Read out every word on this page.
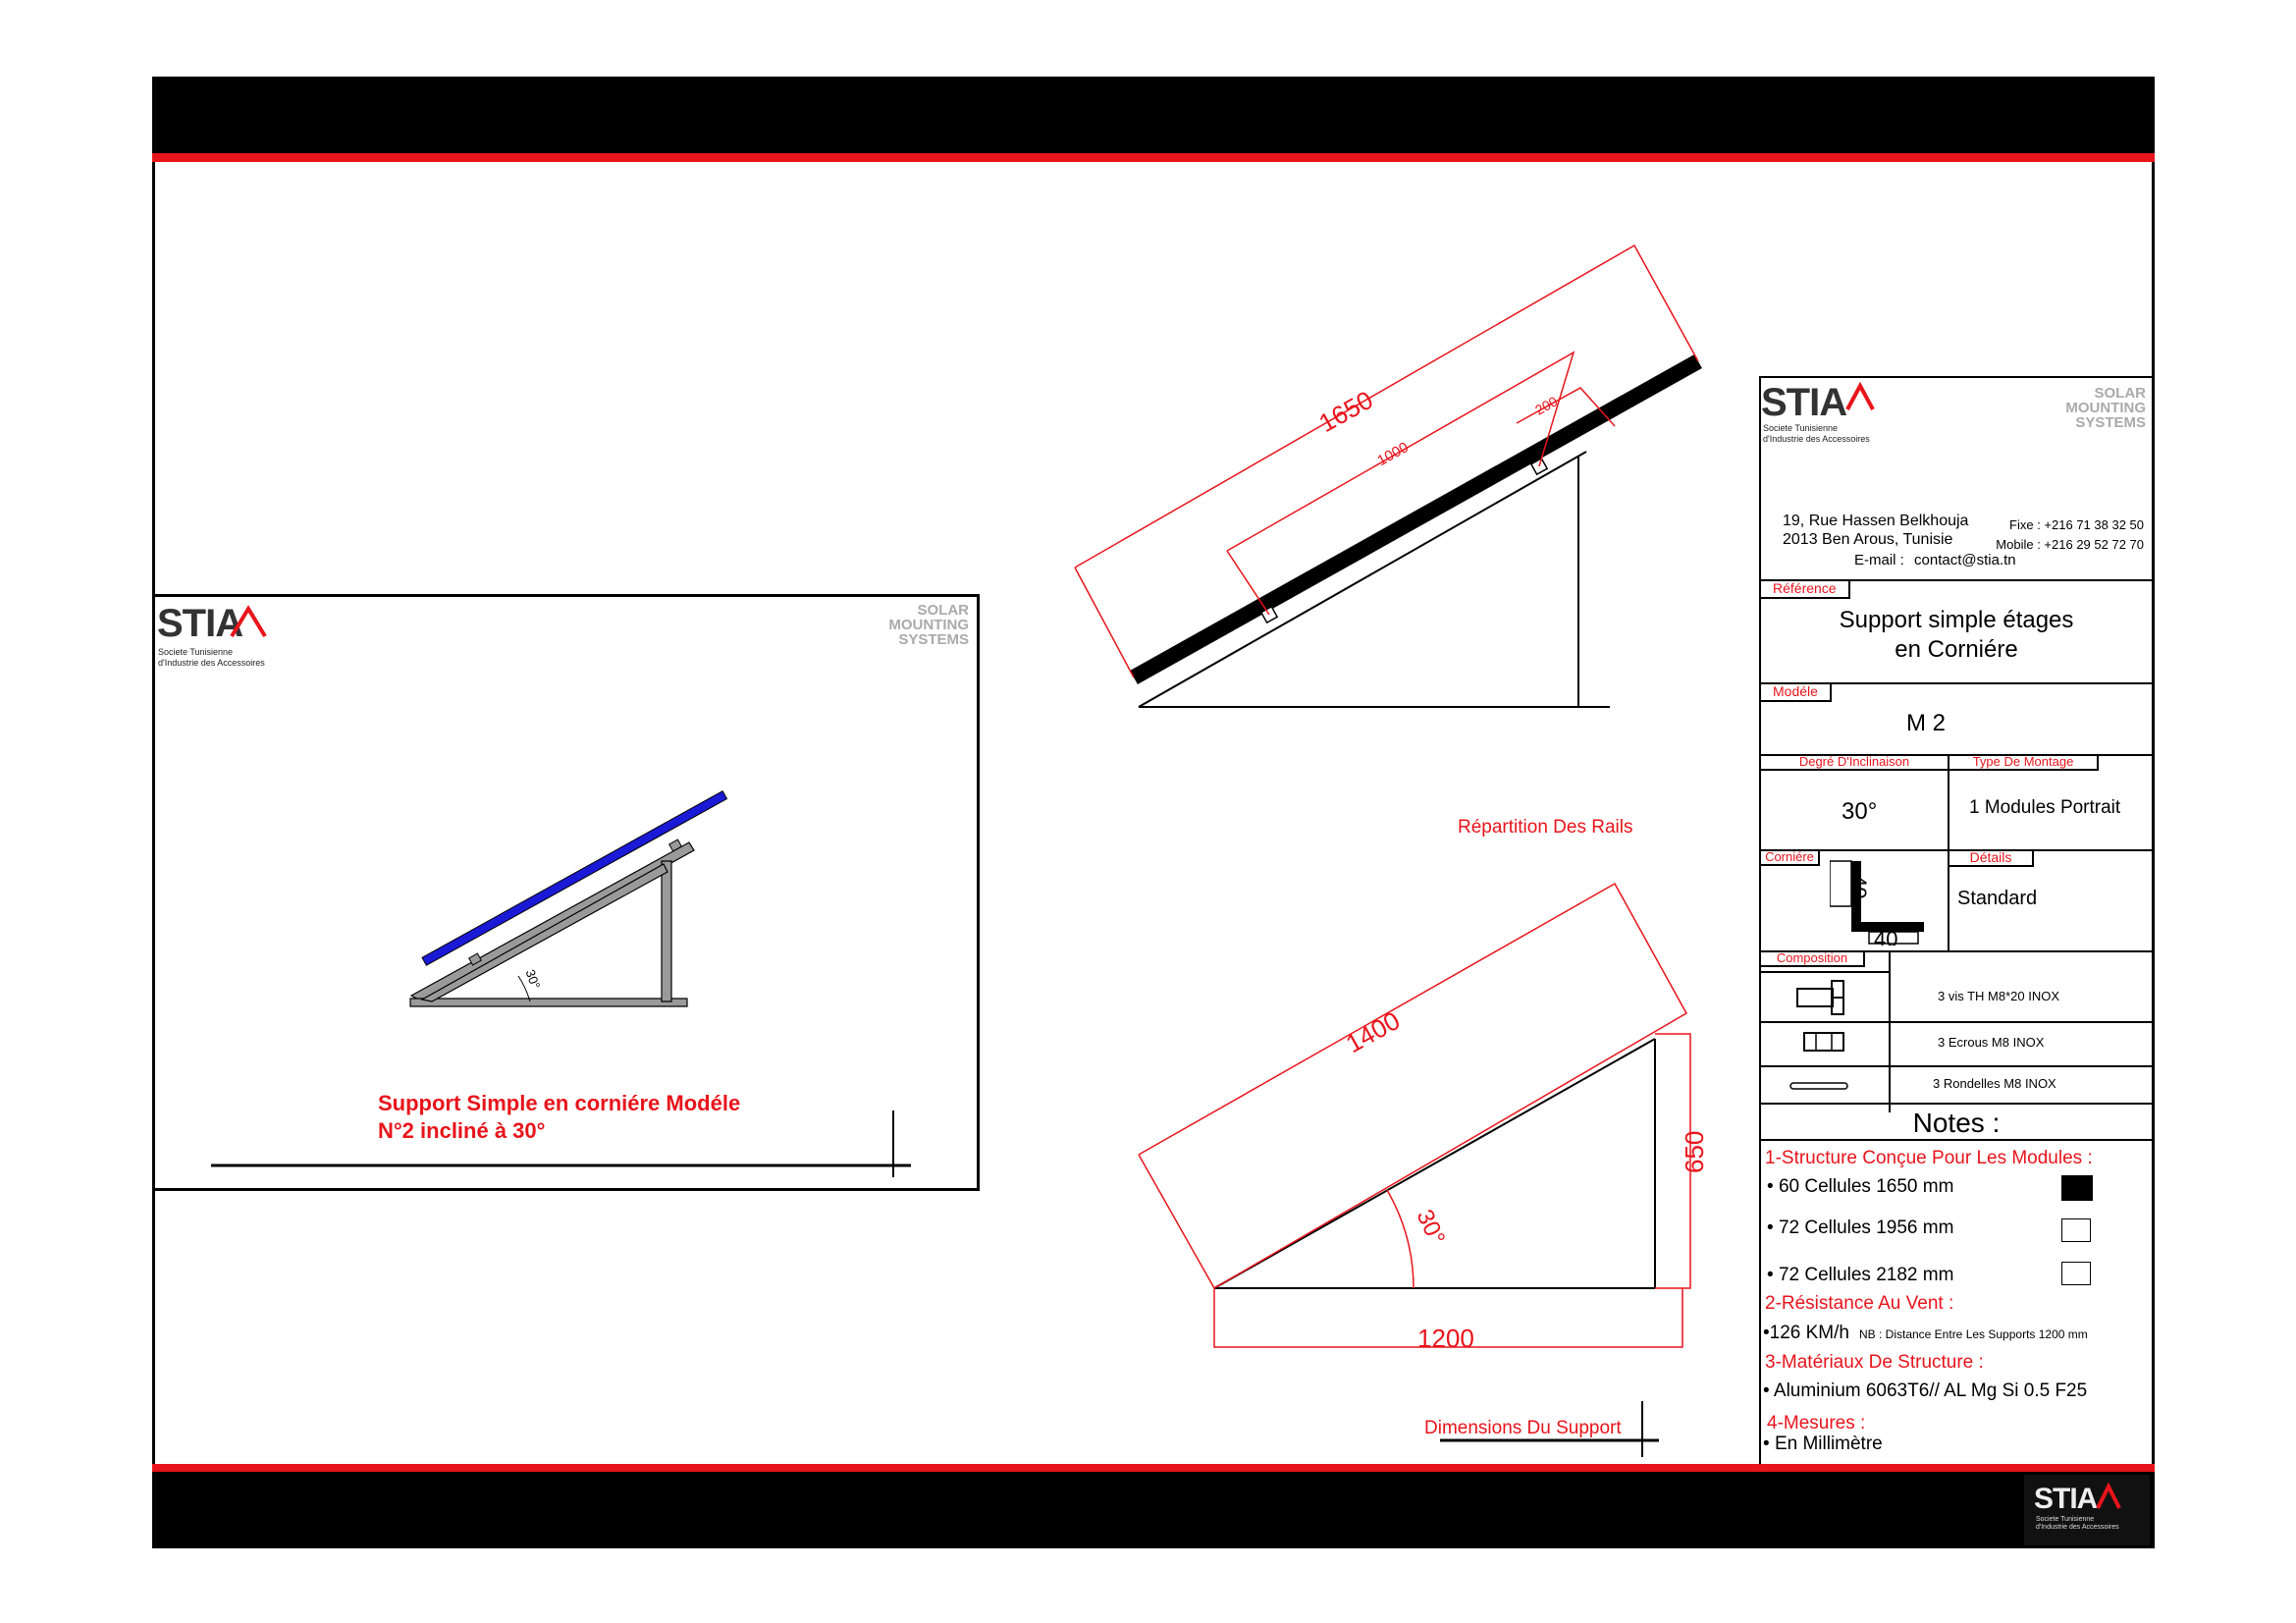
STIA
Societe Tunisienne
d'Industrie des Accessoires
STIA
Societe Tunisienne
d'Industrie des Accessoires
SOLAR
MOUNTING
SYSTEMS
Support Simple en corniére Modéle
N°2 incliné à 30°
30°
1650
1000
200
Répartition Des Rails
1400
650
1200
30°
Dimensions Du Support
STIA
Societe Tunisienne
d'Industrie des Accessoires
SOLAR
MOUNTING
SYSTEMS
19, Rue Hassen Belkhouja
2013 Ben Arous, Tunisie
Fixe : +216 71 38 32 50
Mobile : +216 29 52 72 70
E-mail : contact@stia.tn
Référence
Support simple étages
en Corniére
Modéle
M 2
Degré D'Inclinaison
30°
Type De Montage
1 Modules Portrait
Corniére	Détails
40
40
Standard
Composition
3 vis TH M8*20 INOX
3 Ecrous M8 INOX
3 Rondelles M8 INOX
Notes :
1-Structure Conçue Pour Les Modules :
• 60 Cellules 1650 mm
• 72 Cellules 1956 mm
• 72 Cellules 2182 mm
2-Résistance Au Vent :
•126 KM/h NB : Distance Entre Les Supports 1200 mm
3-Matériaux De Structure :
• Aluminium 6063T6// AL Mg Si 0.5 F25
4-Mesures :
• En Millimètre
